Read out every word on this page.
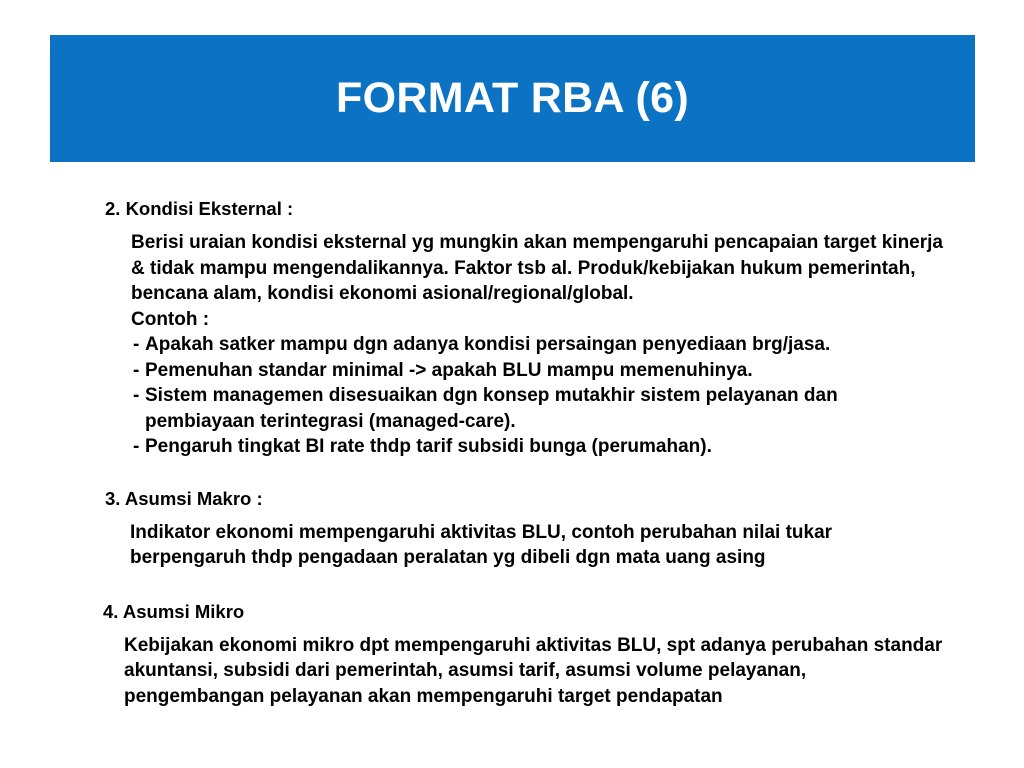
FORMAT RBA (6)
2. Kondisi Eksternal :
Berisi uraian kondisi eksternal yg mungkin akan mempengaruhi pencapaian target kinerja & tidak mampu mengendalikannya. Faktor tsb al. Produk/kebijakan hukum pemerintah, bencana alam, kondisi ekonomi asional/regional/global.
Contoh :
- Apakah satker mampu dgn adanya kondisi persaingan penyediaan brg/jasa.
- Pemenuhan standar minimal -> apakah BLU mampu memenuhinya.
- Sistem managemen disesuaikan dgn konsep mutakhir sistem pelayanan dan pembiayaan terintegrasi (managed-care).
- Pengaruh tingkat BI rate thdp tarif subsidi bunga (perumahan).
3. Asumsi Makro :
Indikator ekonomi mempengaruhi aktivitas BLU, contoh perubahan nilai tukar berpengaruh thdp pengadaan peralatan yg dibeli dgn mata uang asing
4. Asumsi Mikro
Kebijakan ekonomi mikro dpt mempengaruhi aktivitas BLU, spt adanya perubahan standar akuntansi, subsidi dari pemerintah, asumsi tarif, asumsi volume pelayanan, pengembangan pelayanan akan mempengaruhi target pendapatan
